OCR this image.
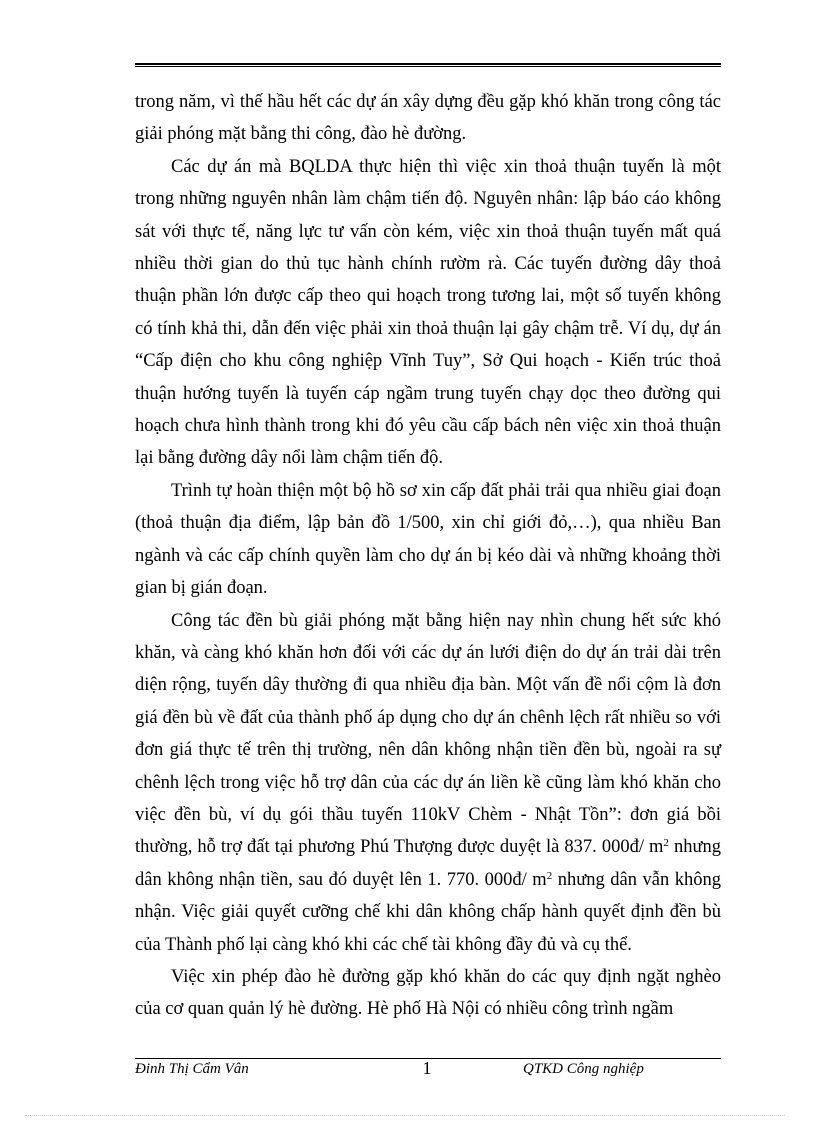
trong năm, vì thế hầu hết các dự án xây dựng đều gặp khó khăn trong công tác giải phóng mặt bằng thi công, đào hè đường.

Các dự án mà BQLDA thực hiện thì việc xin thoả thuận tuyến là một trong những nguyên nhân làm chậm tiến độ. Nguyên nhân: lập báo cáo không sát với thực tế, năng lực tư vấn còn kém, việc xin thoả thuận tuyến mất quá nhiều thời gian do thủ tục hành chính rườm rà. Các tuyến đường dây thoả thuận phần lớn được cấp theo qui hoạch trong tương lai, một số tuyến không có tính khả thi, dẫn đến việc phải xin thoả thuận lại gây chậm trễ. Ví dụ, dự án “Cấp điện cho khu công nghiệp Vĩnh Tuy”, Sở Qui hoạch - Kiến trúc thoả thuận hướng tuyến là tuyến cáp ngầm trung tuyến chạy dọc theo đường qui hoạch chưa hình thành trong khi đó yêu cầu cấp bách nên việc xin thoả thuận lại bằng đường dây nổi làm chậm tiến độ.

Trình tự hoàn thiện một bộ hồ sơ xin cấp đất phải trải qua nhiều giai đoạn (thoả thuận địa điểm, lập bản đồ 1/500, xin chỉ giới đỏ,…), qua nhiều Ban ngành và các cấp chính quyền làm cho dự án bị kéo dài và những khoảng thời gian bị gián đoạn.

Công tác đền bù giải phóng mặt bằng hiện nay nhìn chung hết sức khó khăn, và càng khó khăn hơn đối với các dự án lưới điện do dự án trải dài trên diện rộng, tuyến dây thường đi qua nhiều địa bàn. Một vấn đề nổi cộm là đơn giá đền bù về đất của thành phố áp dụng cho dự án chênh lệch rất nhiều so với đơn giá thực tế trên thị trường, nên dân không nhận tiền đền bù, ngoài ra sự chênh lệch trong việc hỗ trợ dân của các dự án liền kề cũng làm khó khăn cho việc đền bù, ví dụ gói thầu tuyến 110kV Chèm - Nhật Tồn”: đơn giá bồi thường, hỗ trợ đất tại phương Phú Thượng được duyệt là 837. 000đ/ $m^2$ nhưng dân không nhận tiền, sau đó duyệt lên 1. 770. 000đ/ $m^2$ nhưng dân vẫn không nhận. Việc giải quyết cưỡng chế khi dân không chấp hành quyết định đền bù của Thành phố lại càng khó khi các chế tài không đầy đủ và cụ thể.

Việc xin phép đào hè đường gặp khó khăn do các quy định ngặt nghèo của cơ quan quản lý hè đường. Hè phố Hà Nội có nhiều công trình ngầm

Đinh Thị Cẩm Vân	1	QTKD Công nghiệp
